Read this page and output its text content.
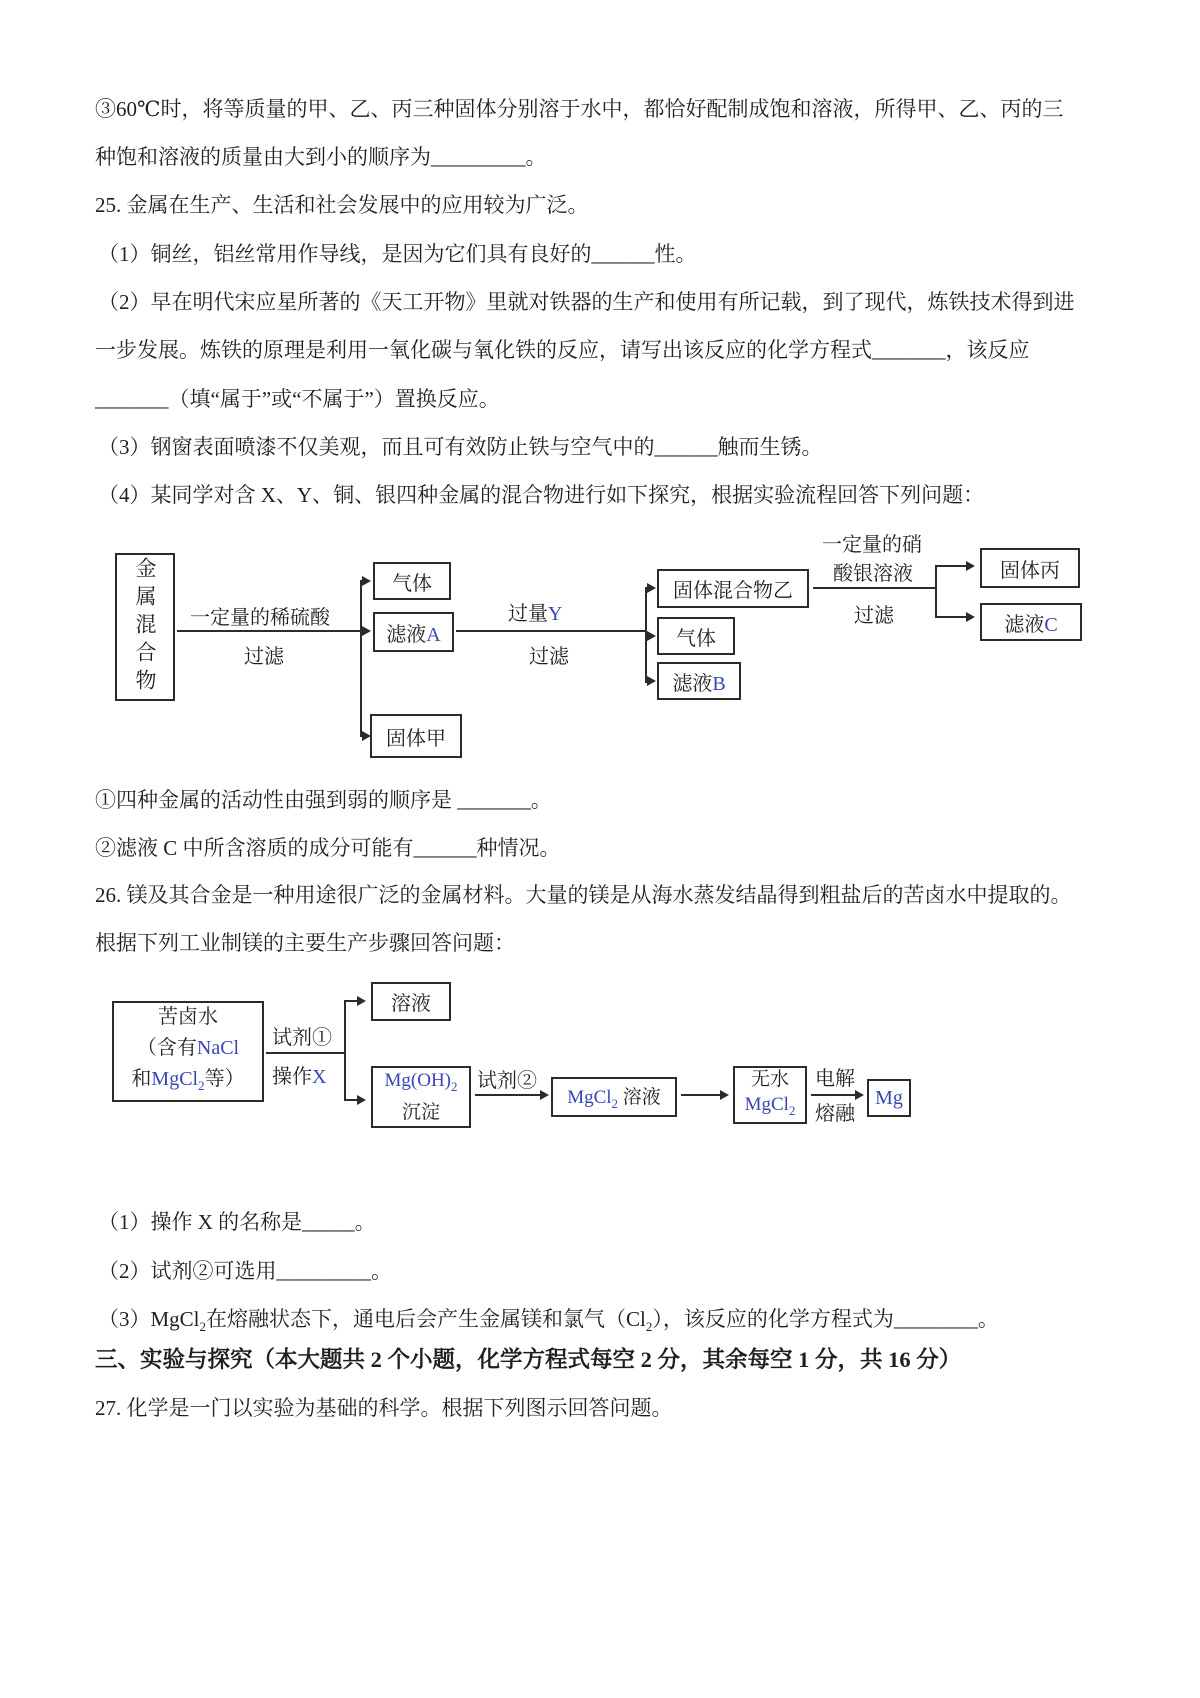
③60℃时，将等质量的甲、乙、丙三种固体分别溶于水中，都恰好配制成饱和溶液，所得甲、乙、丙的三
种饱和溶液的质量由大到小的顺序为_________。
25. 金属在生产、生活和社会发展中的应用较为广泛。
（1）铜丝，铝丝常用作导线，是因为它们具有良好的______性。
（2）早在明代宋应星所著的《天工开物》里就对铁器的生产和使用有所记载，到了现代，炼铁技术得到进
一步发展。炼铁的原理是利用一氧化碳与氧化铁的反应，请写出该反应的化学方程式_______，该反应
_______（填“属于”或“不属于”）置换反应。
（3）钢窗表面喷漆不仅美观，而且可有效防止铁与空气中的______触而生锈。
（4）某同学对含 X、Y、铜、银四种金属的混合物进行如下探究，根据实验流程回答下列问题：
金属混合物 一定量的稀硫酸
过滤
气体
滤液A
固体甲
过量Y
过滤
固体混合物乙
气体
滤液B
一定量的硝
酸银溶液
过滤
固体丙
滤液C
①四种金属的活动性由强到弱的顺序是 _______。
②滤液 C 中所含溶质的成分可能有______种情况。
26. 镁及其合金是一种用途很广泛的金属材料。大量的镁是从海水蒸发结晶得到粗盐后的苦卤水中提取的。
根据下列工业制镁的主要生产步骤回答问题：
苦卤水
（含有NaCl
和MgCl$_2$等）
试剂①
操作X
溶液
$Mg(OH)_2$
沉淀
试剂②
MgCl$_2$ 溶液
无水
MgCl$_2$
电解
熔融
Mg
（1）操作 X 的名称是_____。
（2）试剂②可选用_________。
（3）MgCl$_2$在熔融状态下，通电后会产生金属镁和氯气$(Cl_2)$，该反应的化学方程式为________。
三、实验与探究（本大题共 2 个小题，化学方程式每空 2 分，其余每空 1 分，共 16 分）
27. 化学是一门以实验为基础的科学。根据下列图示回答问题。
